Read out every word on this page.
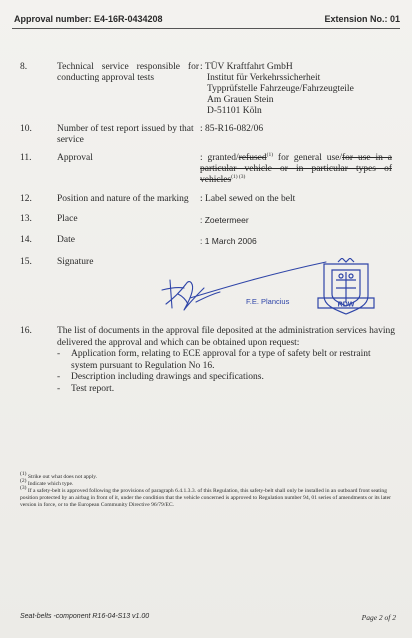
Approval number: E4-16R-0434208	Extension No.: 01
8.	Technical service responsible for

conducting approval tests
: TÜV Kraftfahrt GmbH
Institut für Verkehrssicherheit
Typprüfstelle Fahrzeuge/Fahrzeugteile
Am Grauen Stein
D-51101 Köln
10.	Number of test report issued by that service
: 85-R16-082/06
11.	Approval	: granted/refused$^{(1)}$ for general use/for use in a particular vehicle or in particular types of vehicles$^{(1) (3)}$
12.	Position and nature of the marking : Label sewed on the belt
13.	Place	: Zoetermeer
14.	Date	: 1 March 2006
15.	Signature
F.E. Plancius	RDW
16.	The list of documents in the approval file deposited at the administration services having delivered the approval and which can be obtained upon request:
- Application form, relating to ECE approval for a type of safety belt or restraint system pursuant to Regulation No 16.
- Description including drawings and specifications.
- Test report.
$^{(1)}$ Strike out what does not apply.
$^{(2)}$ Indicate which type.
$^{(3)}$ If a safety-belt is approved following the provisions of paragraph 6.4.1.3.3. of this Regulation, this safety-belt shall only be installed in an outboard front seating position protected by an airbag in front of it, under the condition that the vehicle concerned is approved to Regulation number 94, 01 series of amendments or its later version in force, or to the European Community Directive 96/79/EC.
Seat-belts -component R16-04-S13 v1.00	Page 2 of 2
